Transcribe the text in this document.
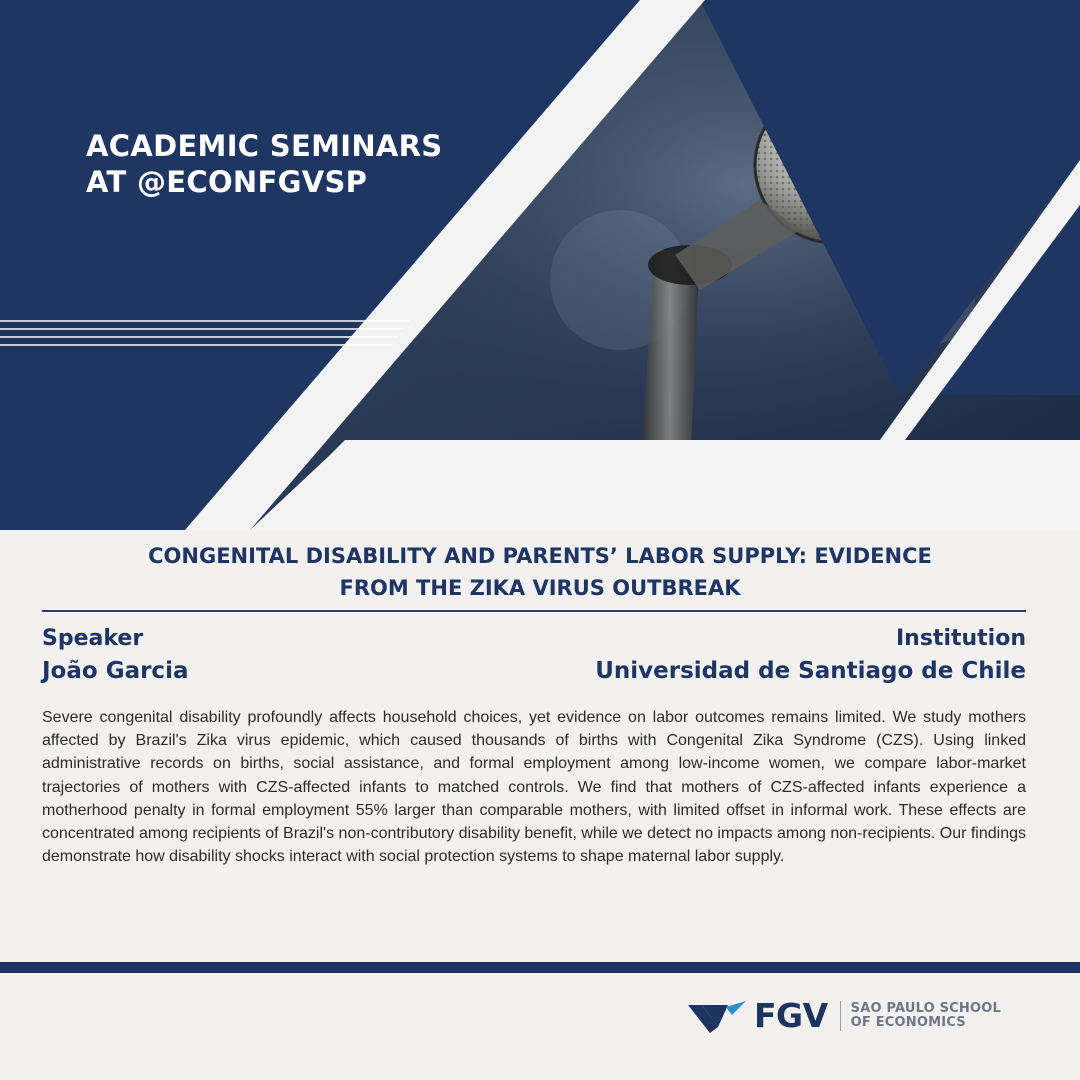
ACADEMIC SEMINARS
AT @ECONFGVSP
CONGENITAL DISABILITY AND PARENTS’ LABOR SUPPLY: EVIDENCE
FROM THE ZIKA VIRUS OUTBREAK
Speaker
João Garcia
Institution
Universidad de Santiago de Chile

Severe congenital disability profoundly affects household choices, yet evidence on labor outcomes remains limited. We study mothers affected by Brazil's Zika virus epidemic, which caused thousands of births with Congenital Zika Syndrome (CZS). Using linked administrative records on births, social assistance, and formal employment among low-income women, we compare labor-market trajectories of mothers with CZS-affected infants to matched controls. We find that mothers of CZS-affected infants experience a motherhood penalty in formal employment 55% larger than comparable mothers, with limited offset in informal work. These effects are concentrated among recipients of Brazil's non-contributory disability benefit, while we detect no impacts among non-recipients. Our findings demonstrate how disability shocks interact with social protection systems to shape maternal labor supply.

FGV SAO PAULO SCHOOL
OF ECONOMICS
